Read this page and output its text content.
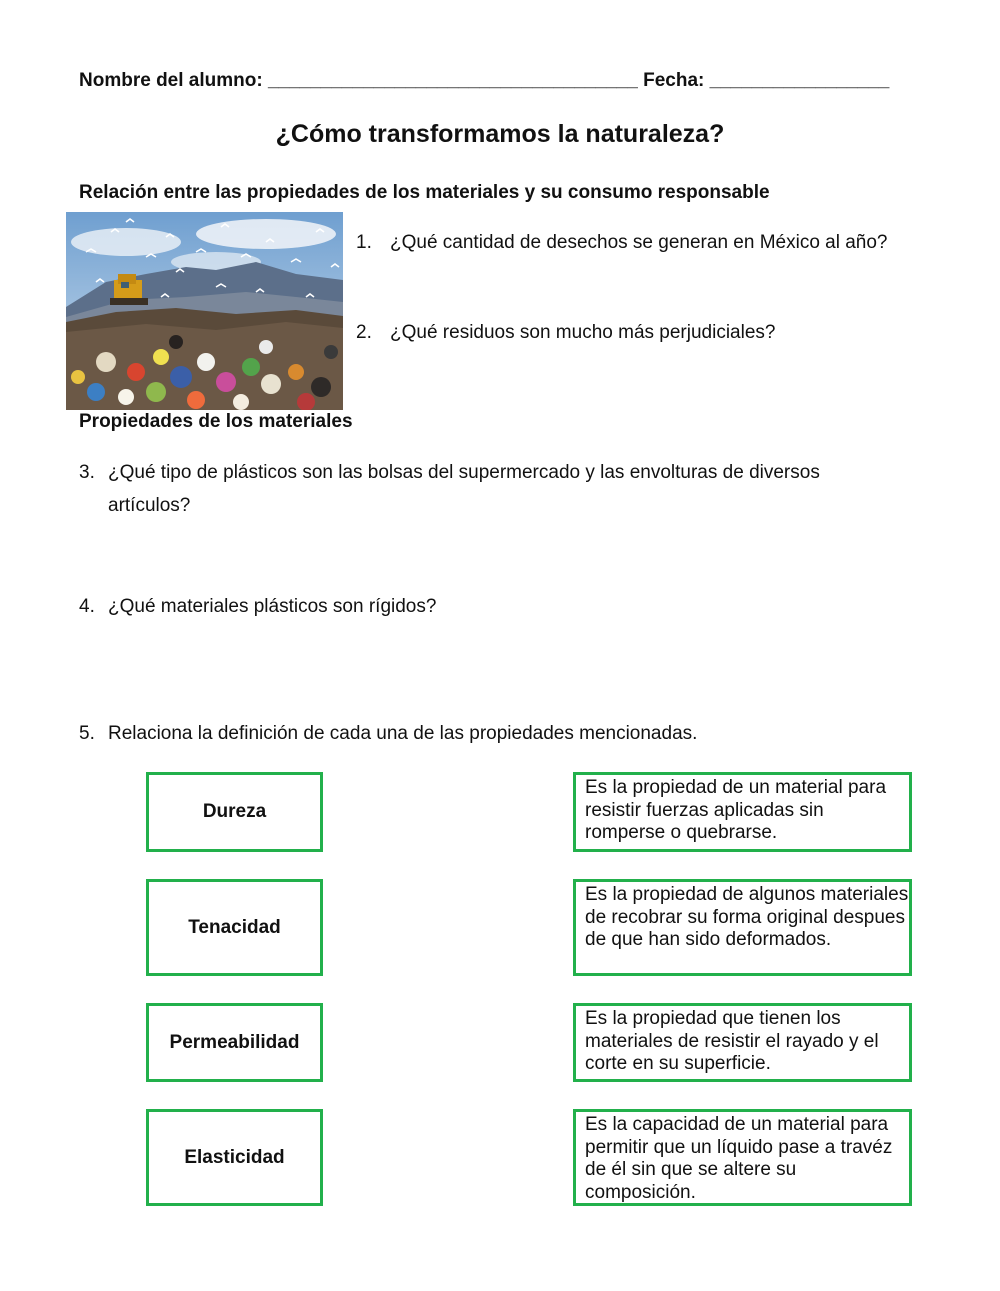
Nombre del alumno: ___________________________________ Fecha: _________________
¿Cómo transformamos la naturaleza?
Relación entre las propiedades de los materiales y su consumo responsable
1. ¿Qué cantidad de desechos se generan en México al año?
2. ¿Qué residuos son mucho más perjudiciales?
Propiedades de los materiales
3. ¿Qué tipo de plásticos son las bolsas del supermercado y las envolturas de diversos artículos?
4. ¿Qué materiales plásticos son rígidos?
5. Relaciona la definición de cada una de las propiedades mencionadas.
Dureza
Tenacidad
Permeabilidad
Elasticidad
Es la propiedad de un material para resistir fuerzas aplicadas sin romperse o quebrarse.
Es la propiedad de algunos materiales de recobrar su forma original despues de que han sido deformados.
Es la propiedad que tienen los materiales de resistir el rayado y el corte en su superficie.
Es la capacidad de un material para permitir que un líquido pase a travéz de él sin que se altere su composición.
